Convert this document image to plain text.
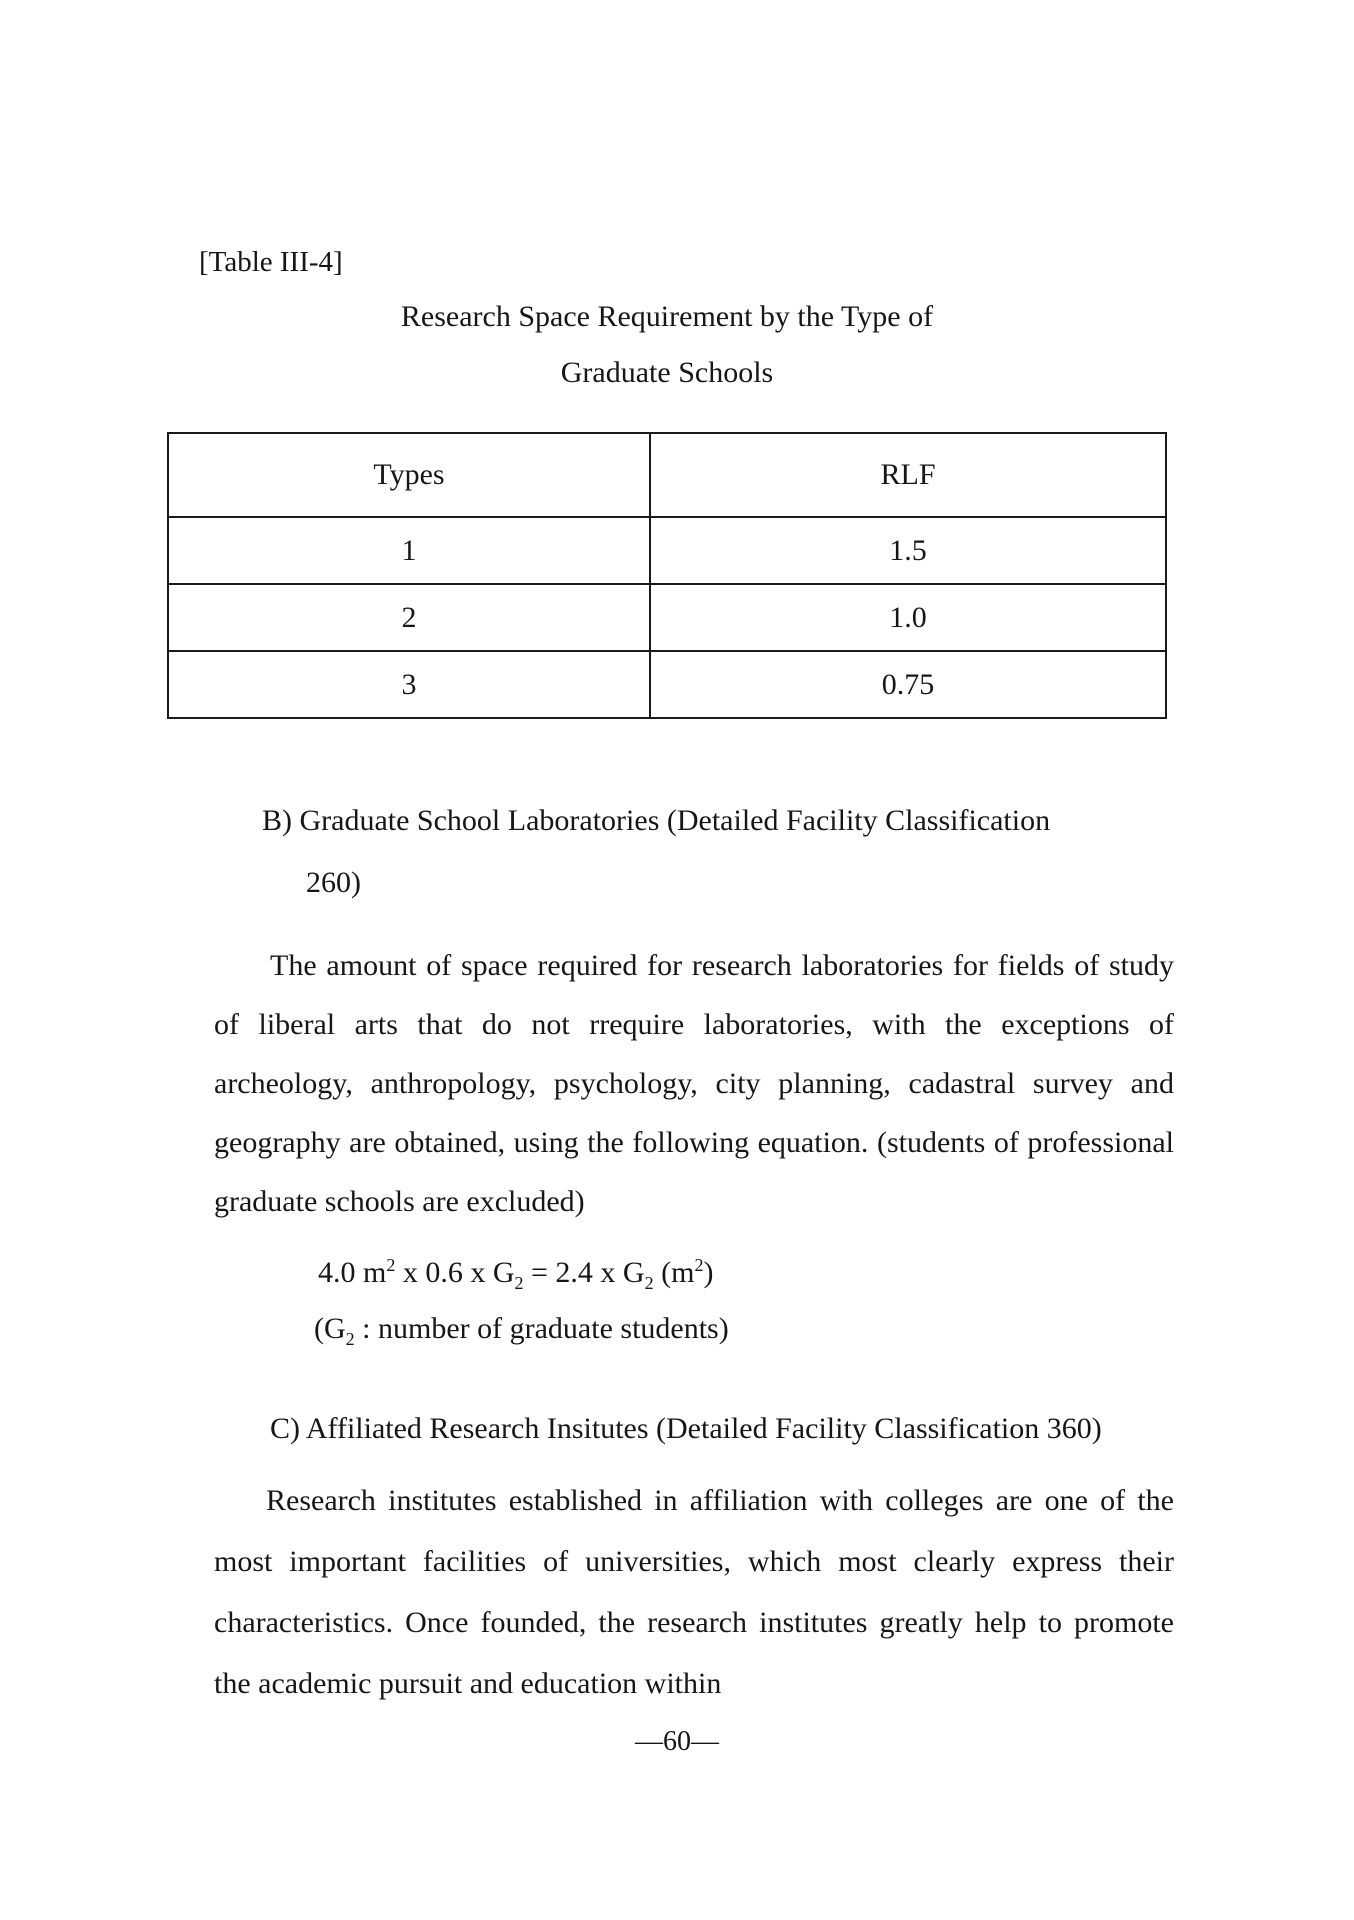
[Table III-4]
Research Space Requirement by the Type of
Graduate Schools
Types	RLF
1	1.5
2	1.0
3	0.75
B) Graduate School Laboratories (Detailed Facility Classification
260)
The amount of space required for research laboratories for fields of study of liberal arts that do not rrequire laboratories, with the exceptions of archeology, anthropology, psychology, city planning, cadastral survey and geography are obtained, using the following equation. (students of professional graduate schools are excluded)
4.0 $m^2$ x 0.6 x $G_2 = 2.4$ x $G_2$ $(m^2)$
($G_2$ : number of graduate students)
C) Affiliated Research Insitutes (Detailed Facility Classification 360)
Research institutes established in affiliation with colleges are one of the most important facilities of universities, which most clearly express their characteristics. Once founded, the research institutes greatly help to promote the academic pursuit and education within
—60—
